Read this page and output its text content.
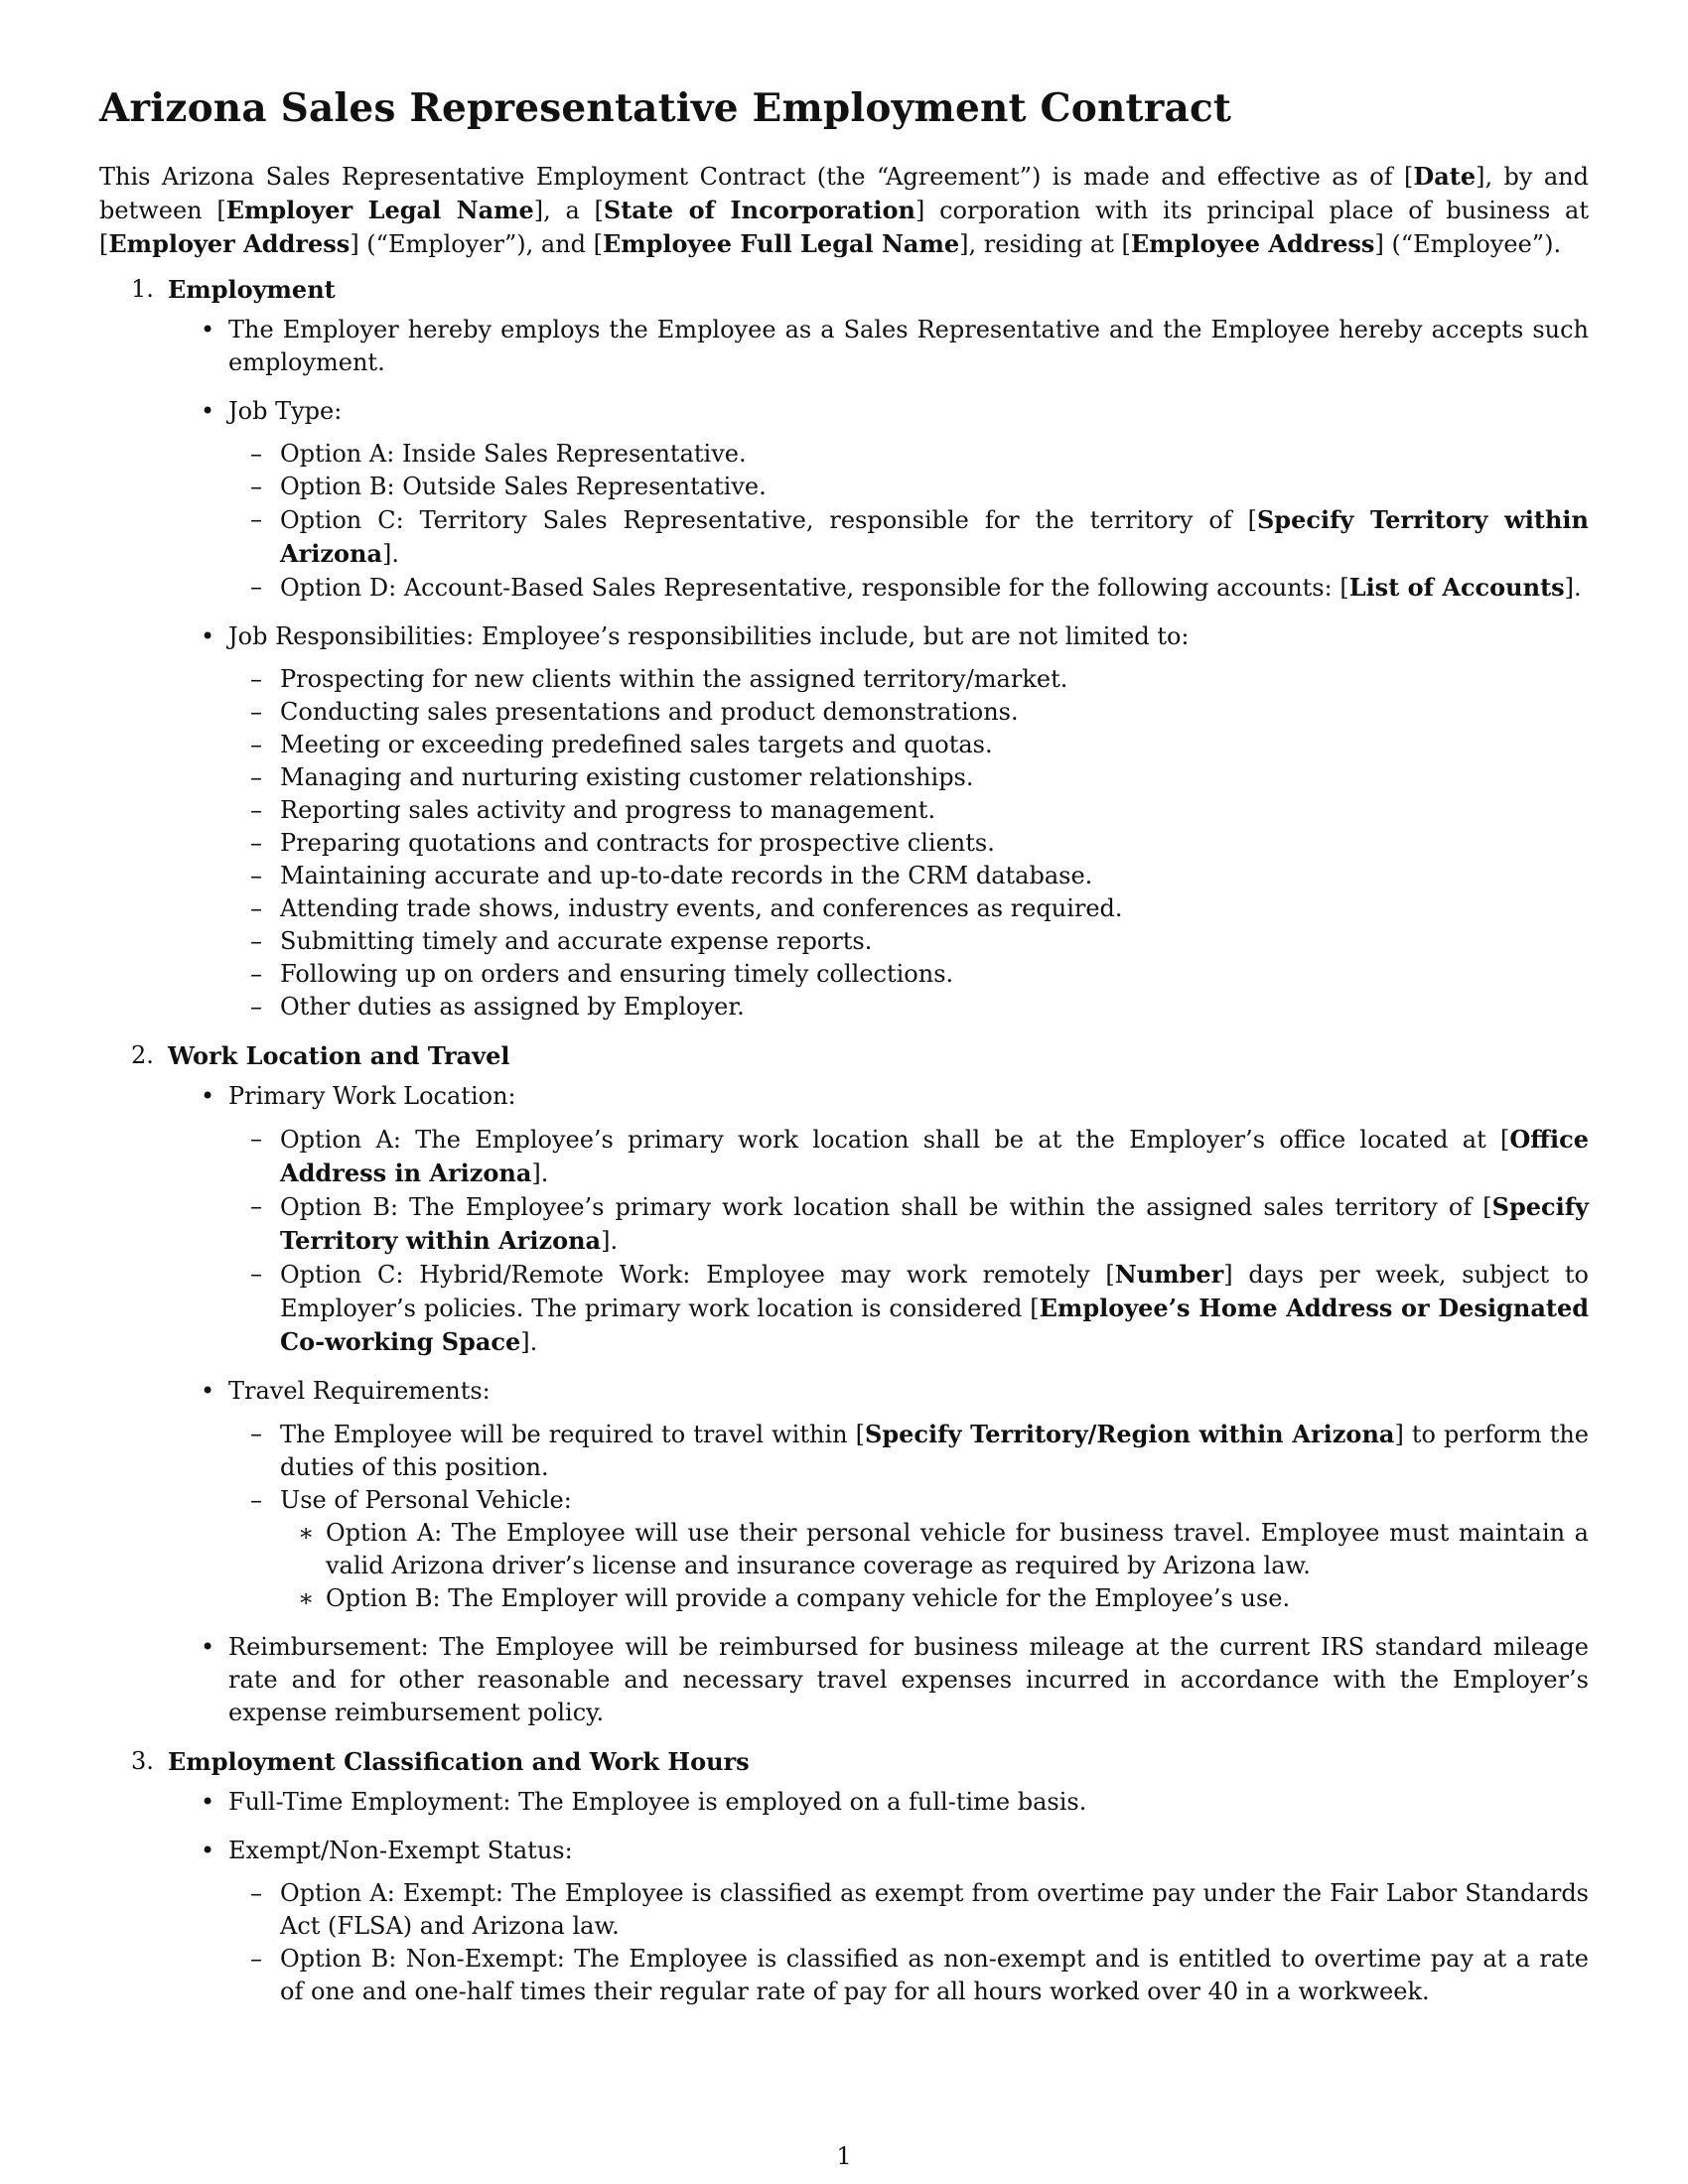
Arizona Sales Representative Employment Contract

This Arizona Sales Representative Employment Contract (the “Agreement”) is made and effective as of [Date], by and between [Employer Legal Name], a [State of Incorporation] corporation with its principal place of business at [Employer Address] (“Employer”), and [Employee Full Legal Name], residing at [Employee Address] (“Employee”).

1. Employment
• The Employer hereby employs the Employee as a Sales Representative and the Employee hereby accepts such employment.
• Job Type:
– Option A: Inside Sales Representative.
– Option B: Outside Sales Representative.
– Option C: Territory Sales Representative, responsible for the territory of [Specify Territory within Arizona].
– Option D: Account-Based Sales Representative, responsible for the following accounts: [List of Accounts].
• Job Responsibilities: Employee’s responsibilities include, but are not limited to:
– Prospecting for new clients within the assigned territory/market.
– Conducting sales presentations and product demonstrations.
– Meeting or exceeding predefined sales targets and quotas.
– Managing and nurturing existing customer relationships.
– Reporting sales activity and progress to management.
– Preparing quotations and contracts for prospective clients.
– Maintaining accurate and up-to-date records in the CRM database.
– Attending trade shows, industry events, and conferences as required.
– Submitting timely and accurate expense reports.
– Following up on orders and ensuring timely collections.
– Other duties as assigned by Employer.
2. Work Location and Travel
• Primary Work Location:
– Option A: The Employee’s primary work location shall be at the Employer’s office located at [Office Address in Arizona].
– Option B: The Employee’s primary work location shall be within the assigned sales territory of [Specify Territory within Arizona].
– Option C: Hybrid/Remote Work: Employee may work remotely [Number] days per week, subject to Employer’s policies. The primary work location is considered [Employee’s Home Address or Designated Co-working Space].
• Travel Requirements:
– The Employee will be required to travel within [Specify Territory/Region within Arizona] to perform the duties of this position.
– Use of Personal Vehicle:
∗ Option A: The Employee will use their personal vehicle for business travel. Employee must maintain a valid Arizona driver’s license and insurance coverage as required by Arizona law.
∗ Option B: The Employer will provide a company vehicle for the Employee’s use.
• Reimbursement: The Employee will be reimbursed for business mileage at the current IRS standard mileage rate and for other reasonable and necessary travel expenses incurred in accordance with the Employer’s expense reimbursement policy.
3. Employment Classification and Work Hours
• Full-Time Employment: The Employee is employed on a full-time basis.
• Exempt/Non-Exempt Status:
– Option A: Exempt: The Employee is classified as exempt from overtime pay under the Fair Labor Standards Act (FLSA) and Arizona law.
– Option B: Non-Exempt: The Employee is classified as non-exempt and is entitled to overtime pay at a rate of one and one-half times their regular rate of pay for all hours worked over 40 in a workweek.
1
